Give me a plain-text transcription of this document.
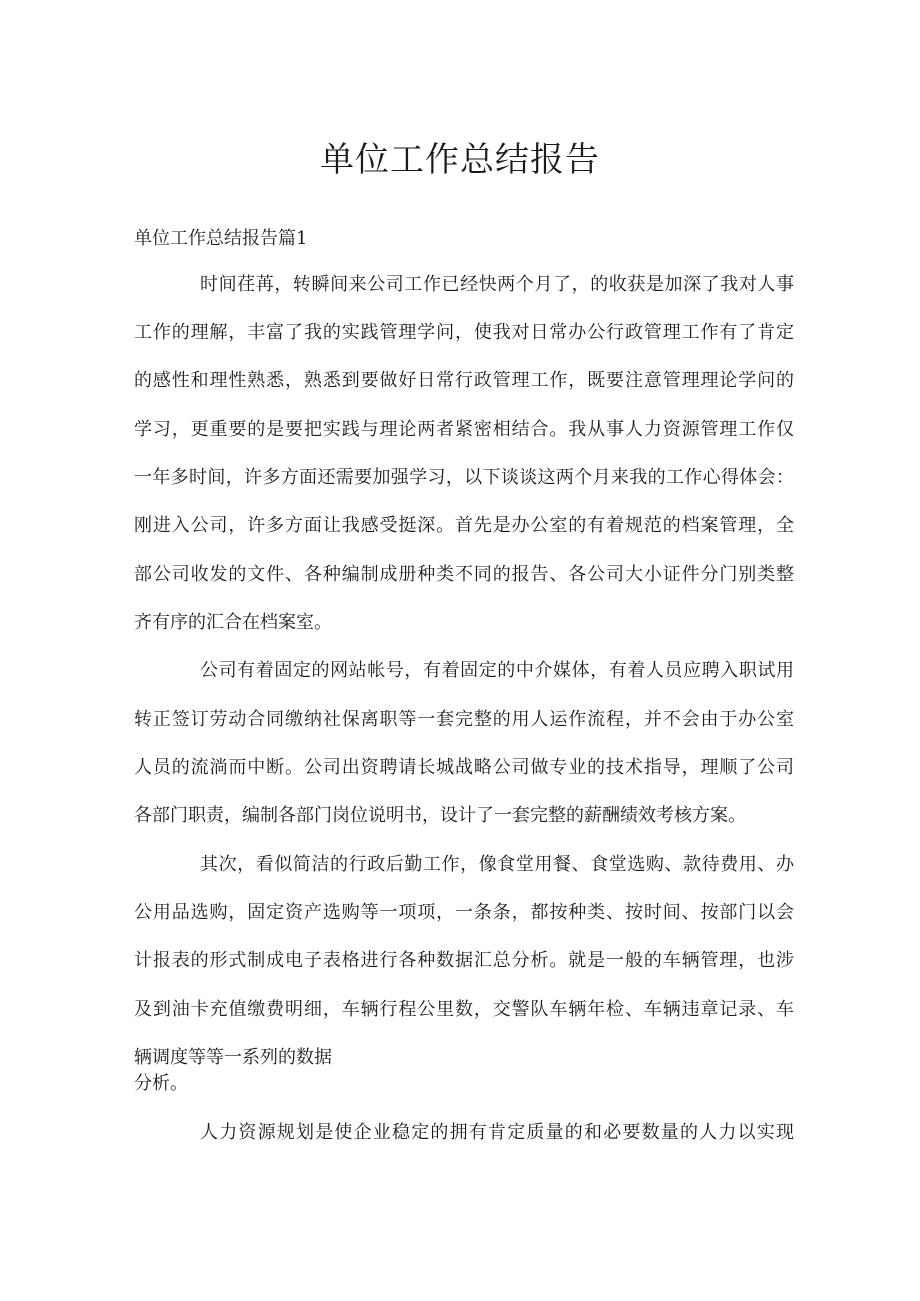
单位工作总结报告

单位工作总结报告篇1

时间荏苒，转瞬间来公司工作已经快两个月了，的收获是加深了我对人事

工作的理解，丰富了我的实践管理学问，使我对日常办公行政管理工作有了肯定

的感性和理性熟悉，熟悉到要做好日常行政管理工作，既要注意管理理论学问的

学习，更重要的是要把实践与理论两者紧密相结合。我从事人力资源管理工作仅

一年多时间，许多方面还需要加强学习，以下谈谈这两个月来我的工作心得体会：

刚进入公司，许多方面让我感受挺深。首先是办公室的有着规范的档案管理，全

部公司收发的文件、各种编制成册种类不同的报告、各公司大小证件分门别类整

齐有序的汇合在档案室。

公司有着固定的网站帐号，有着固定的中介媒体，有着人员应聘入职试用

转正签订劳动合同缴纳社保离职等一套完整的用人运作流程，并不会由于办公室

人员的流淌而中断。公司出资聘请长城战略公司做专业的技术指导，理顺了公司

各部门职责，编制各部门岗位说明书，设计了一套完整的薪酬绩效考核方案。

其次，看似简洁的行政后勤工作，像食堂用餐、食堂选购、款待费用、办

公用品选购，固定资产选购等一项项，一条条，都按种类、按时间、按部门以会

计报表的形式制成电子表格进行各种数据汇总分析。就是一般的车辆管理，也涉

及到油卡充值缴费明细，车辆行程公里数，交警队车辆年检、车辆违章记录、车

辆调度等等一系列的数据

分析。

人力资源规划是使企业稳定的拥有肯定质量的和必要数量的人力以实现
